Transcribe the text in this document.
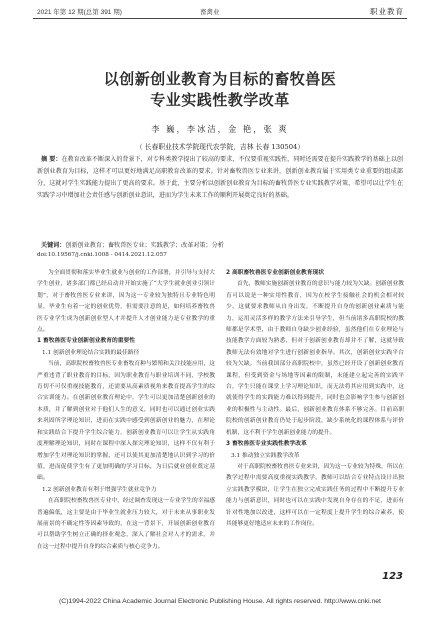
2021 年第 12 期(总第 391 期)	畜禽业	职业教育
以创新创业教育为目标的畜牧兽医
专业实践性教学改革
李 巍，李冰洁，金 艳，张 爽
（ 长春职业技术学院现代农学院，吉林 长春 130504）
摘 要：在教育改革不断深入的背景下，对专科类教学提出了较高的要求，不仅要重视实践性，同时还需要在提升实践教学的基础上以创新创业教育为目标，这样才可以更好地满足高职教育改革的要求。针对畜牧兽医专业来讲，创新创业教育属于实用类专业重要的组成部分，这就对学生实践能力提出了更高的要求。基于此，主要分析以创新创业教育为目标的畜牧兽医专业实践教学对策，希望可以让学生在实践学习中增加社会责任感与创新创业意识，进而为学生未来工作的顺利开展奠定良好的基础。
关键词：创新创业教育；畜牧兽医专业；实践教学；改革对策；分析
doi:10.19567/j.cnki.1008 - 0414.2021.12.057

为全面贯彻和落实毕业生就业与创业的工作部署，并引导与支持大学生创业，诸多部门都已经启动并开始实施了“大学生就业创业引领计划”，对于畜牧兽医专业来讲，因为这一专业较为独特且专业特色明显，毕业生有着一定的创业优势，但需要注意的是，如何培养畜牧兽医专业学生成为创新创业型人才并提升人才创业能力是专业教学的重点。

1 畜牧兽医专业创新创业教育的重要性

1.1 创新创业理论结合实践的最佳路径

当前，高职院校畜牧兽医专业畜牧育种与繁殖和关注技能应用，这严重违背了职业教育的目标，因为职业教育与职业培训不同，学校教育切不可仅重视技能教育，还需要从高素质视角来教育提高学生的综合实训能力。在创新创业教育理论中，学生可以更加清楚创新创业的本质，并了解到创业对于他们人生的意义，同时也可以通过创业实践来巩固所学理论知识，进而在实践中感受到创新创业的魅力，在理论和实践结合下提升学生综合能力，创新创业教育可以让学生从实践角度理解理论知识，同时在课程中深入探究理论知识，这样不仅有利于增加学生对理论知识的掌握，还可以使其更加清楚地认识到学习的价值，进而促使学生有了更加明确的学习目标，为日后就业创业奠定基础。

1.2 创新创业教育有利于增强学生就业竞争力

在高职院校畜牧兽医专业中，经过调查发现这一专业学生的幸福感普遍偏低，这主要是由于毕业生就业压力较大，对于未来从事职业发展前景的不确定性等因素导致的，在这一背景下，开展创新创业教育可以帮助学生树立正确的择业观念，深入了解社会对人才的需求，并在这一过程中提升自身的综合素质与核心竞争力。

2 高职畜牧兽医专业创新创业教育现状

首先，教师实施创新创业教育的意识与能力较为欠缺。创新创业教育可以说是一种实用性教育，因为在校学生接触社会的机会相对较少，这就要求教师从自身出发，不断提升自身的创新创业素质与能力，运用灵活多样的教学方法来引导学生，但当前诸多高职院校的教师都是学术型，由于教师自身缺少创业经验，虽然他们在专业理论与技能教学方面较为熟悉，但对于创新创业教育却并不了解，这就导致教师无法有效地对学生进行创新创业指导。其次，创新创业实践平台较为欠缺。当前我国部分高职院校中，虽然已经开设了创新创业教育课程，但受到资金与场地等因素的限制，未能建立起完善的实践平台，学生只能在课堂上学习理论知识，而无法将其应用到实践中，这就使得学生的实践能力难以得到提升，同时也会影响学生参与创新创业的积极性与主动性。最后，创新创业教育体系不够完善。目前高职院校的创新创业教育仍处于起步阶段，缺少系统化的课程体系与评价机制，这不利于学生创新创业能力的提升。

3 畜牧兽医专业实践性教学改革

3.1 推动独立实践教学改革

对于高职院校畜牧兽医专业来讲，因为这一专业较为特殊，所以在教学过程中需要高度重视实践教学，教师可以结合专业特点设计出独立实践教学模块，让学生在独立完成实践任务的过程中不断提升专业能力与创新意识，同时也可以在实践中发现自身存在的不足，进而有针对性地加以改进，这样可以在一定程度上提升学生的综合素养，使其能够更好地适应未来的工作岗位。

123
(C)1994-2022 China Academic Journal Electronic Publishing House. All rights reserved. http://www.cnki.net
